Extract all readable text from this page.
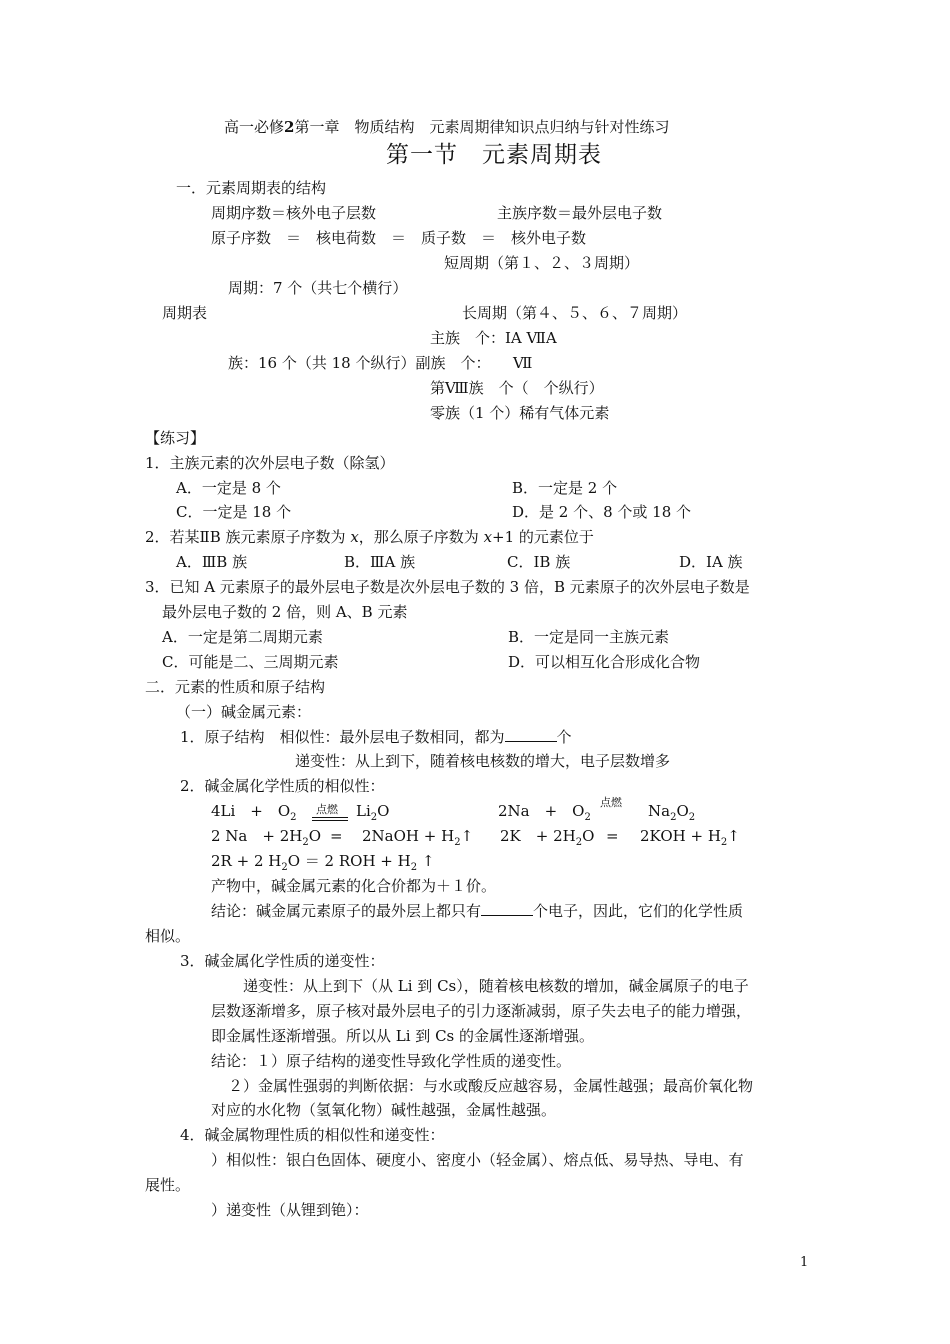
高一必修2第一章　物质结构　元素周期律知识点归纳与针对性练习
第一节　元素周期表
一．元素周期表的结构
周期序数＝核外电子层数	主族序数＝最外层电子数
原子序数　＝　核电荷数　＝　质子数　＝　核外电子数
短周期（第１、２、３周期）
周期：7 个（共七个横行）
周期表	长周期（第４、５、６、７周期）
主族　个：ⅠA ⅦA
族：16 个（共 18 个纵行）副族　个：　　Ⅶ
第Ⅷ族　个（　个纵行）
零族（1 个）稀有气体元素
【练习】
1．主族元素的次外层电子数（除氢）
A．一定是 8 个	B．一定是 2 个
C．一定是 18 个	D．是 2 个、8 个或 18 个
2．若某ⅡB 族元素原子序数为 x，那么原子序数为 x+1 的元素位于
A．ⅢB 族	B．ⅢA 族	C．ⅠB 族	D．ⅠA 族
3．已知 A 元素原子的最外层电子数是次外层电子数的 3 倍，B 元素原子的次外层电子数是
最外层电子数的 2 倍，则 A、B 元素
A．一定是第二周期元素	B．一定是同一主族元素
C．可能是二、三周期元素	D．可以相互化合形成化合物
二．元素的性质和原子结构
（一）碱金属元素：
1．原子结构　相似性：最外层电子数相同，都为	个
递变性：从上到下，随着核电核数的增大，电子层数增多
2．碱金属化学性质的相似性：
4Li　+　$O_2$
点燃 $Li_2O$	2Na　+　$O_2$
点燃 $Na_2O_2$
2 Na　+ $2H_2O$ = 2NaOH + $H_2↑$ 2K　+ $2H_2O = 2KOH$ + $H_2↑$
2R + 2 $H_2O = 2$ ROH + $H_2$ ↑
产物中，碱金属元素的化合价都为＋１价。
结论：碱金属元素原子的最外层上都只有	个电子，因此，它们的化学性质
相似。
3．碱金属化学性质的递变性：
递变性：从上到下（从 Li 到 Cs），随着核电核数的增加，碱金属原子的电子
层数逐渐增多，原子核对最外层电子的引力逐渐减弱，原子失去电子的能力增强，
即金属性逐渐增强。所以从 Li 到 Cs 的金属性逐渐增强。
结论：１）原子结构的递变性导致化学性质的递变性。
２）金属性强弱的判断依据：与水或酸反应越容易，金属性越强；最高价氧化物
对应的水化物（氢氧化物）碱性越强，金属性越强。
4．碱金属物理性质的相似性和递变性：
）相似性：银白色固体、硬度小、密度小（轻金属）、熔点低、易导热、导电、有
展性。
）递变性（从锂到铯）：
1
